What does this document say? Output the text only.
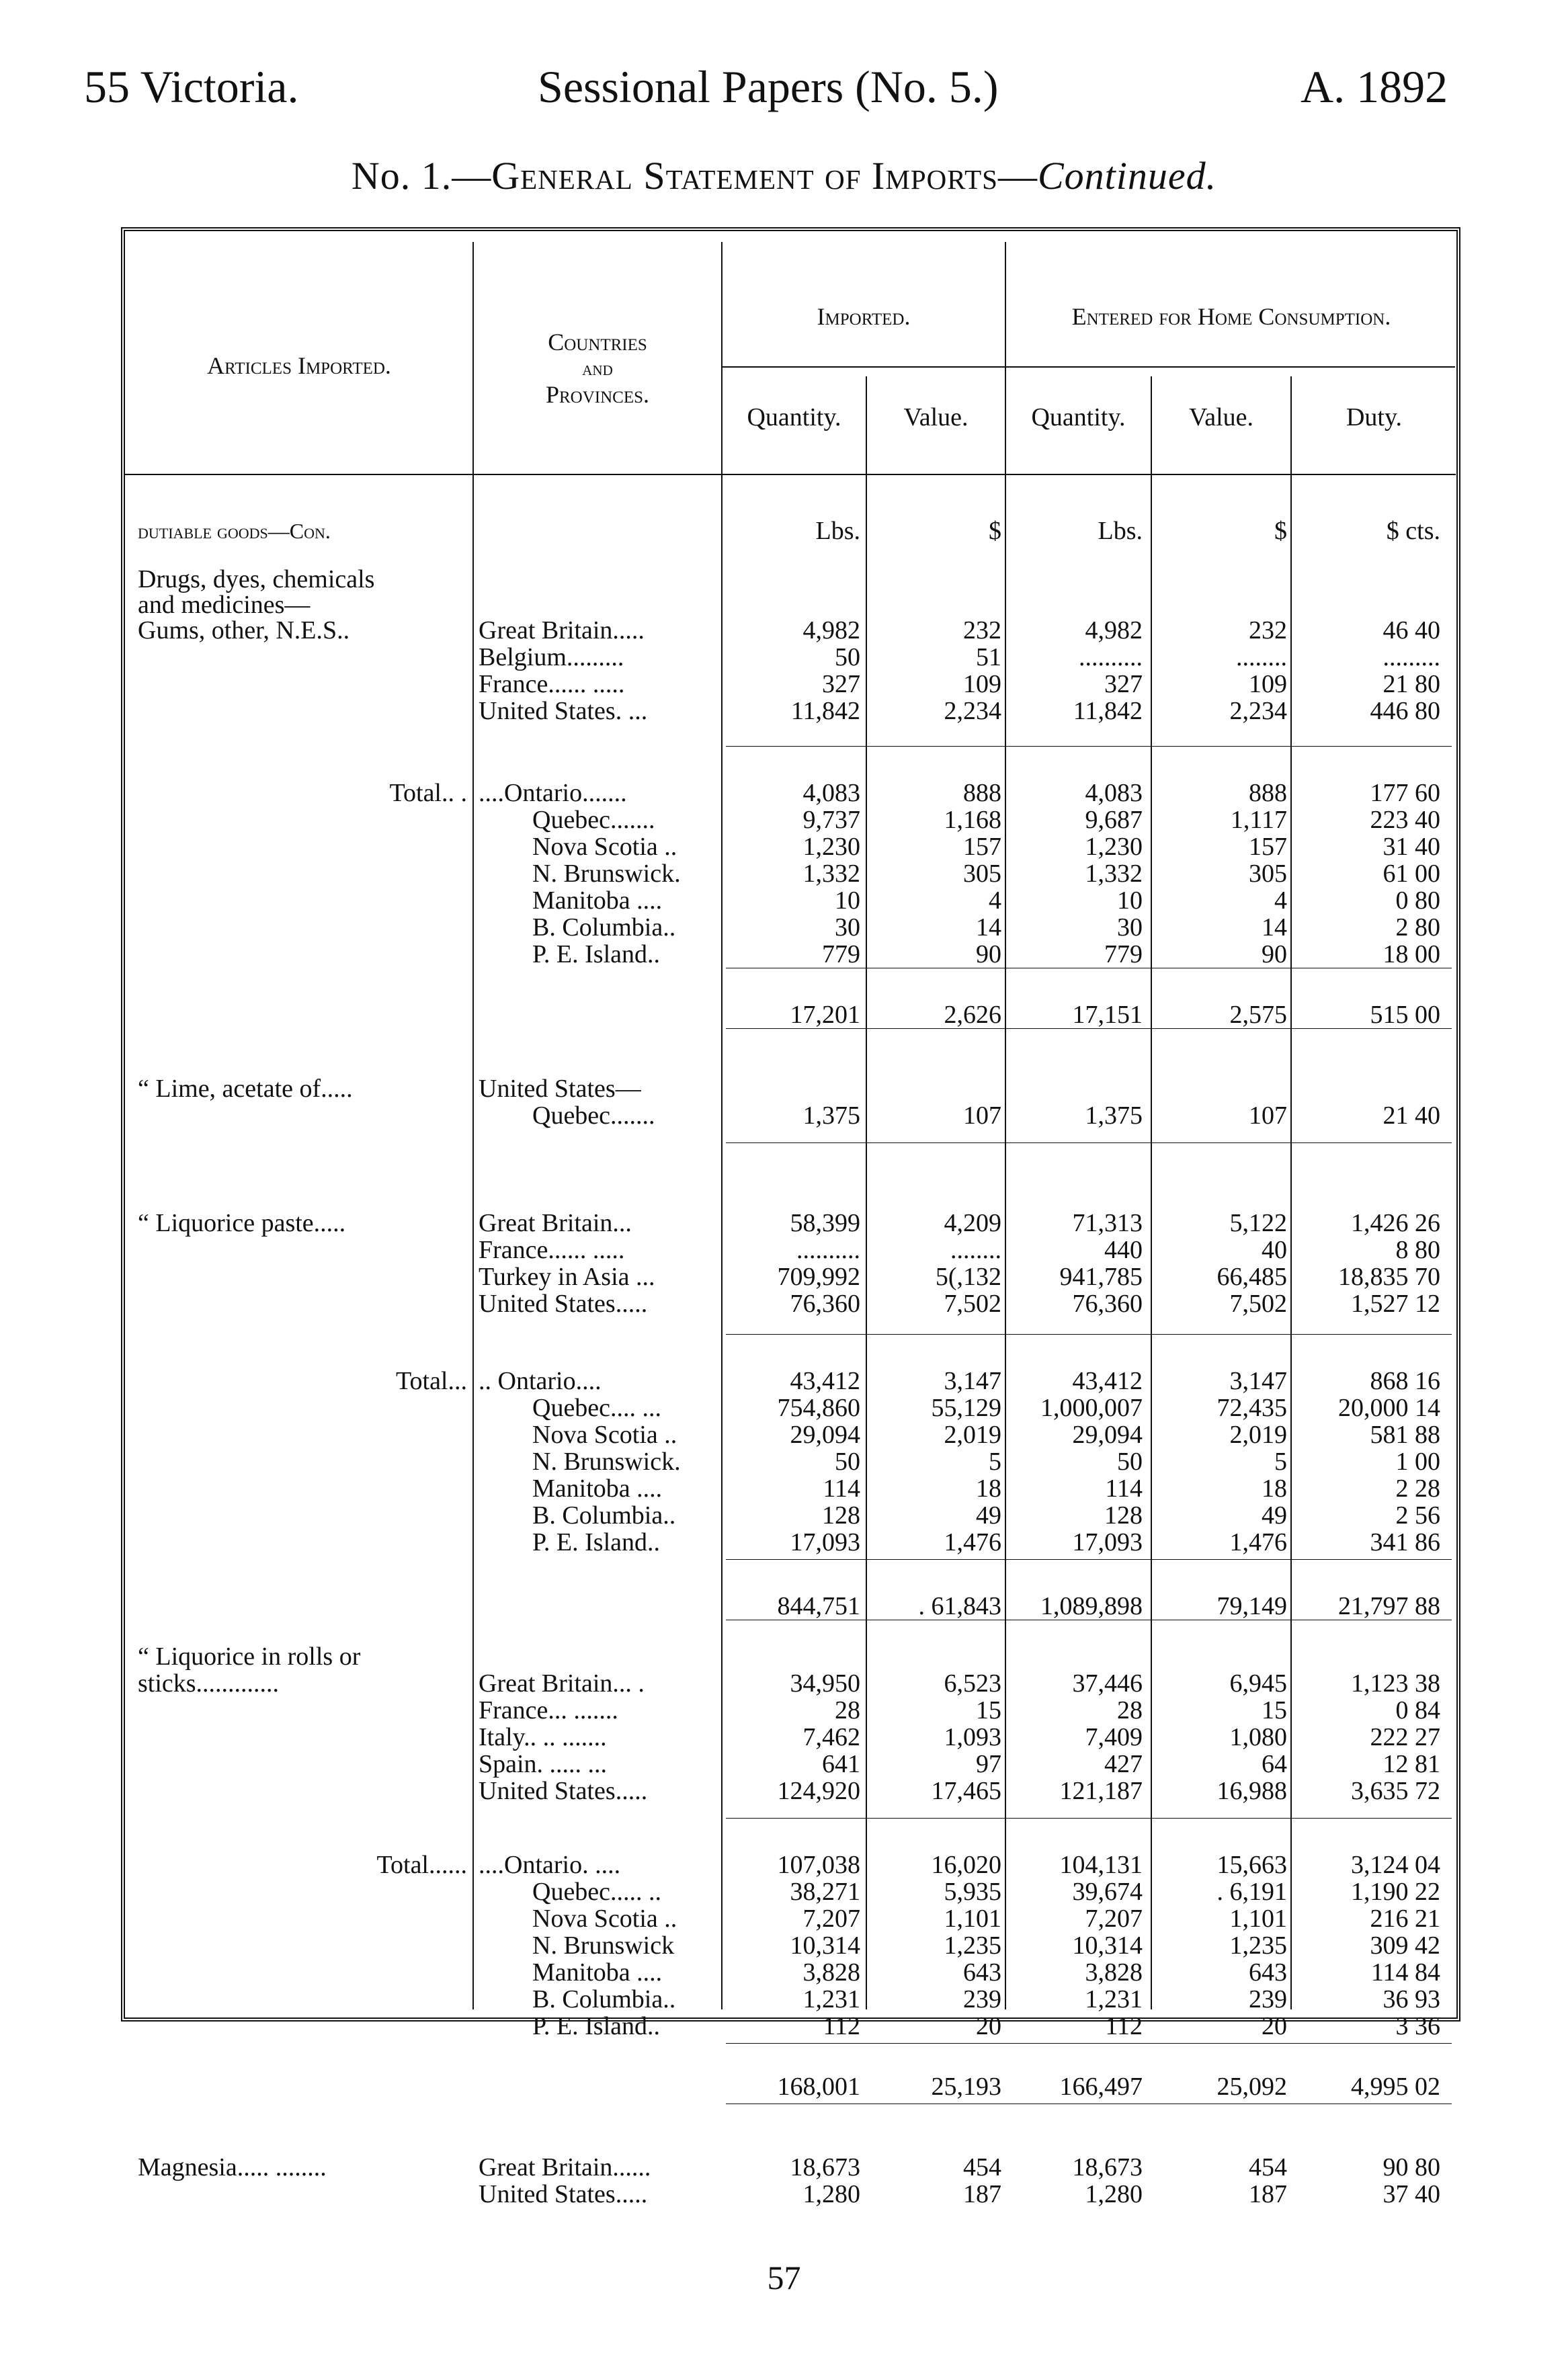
55 Victoria.	Sessional Papers (No. 5.)	A. 1892
No. 1.—General Statement of Imports—Continued.
Articles Imported.
Countries
and
Provinces.
Imported.	Entered for Home Consumption.
Quantity.	Value.	Quantity.	Value.	Duty.
dutiable goods—Con.	Lbs.	$	Lbs.	$	$ cts.
Drugs, dyes, chemicals
and medicines—
Gums, other, N.E.S..	Great Britain.....	4,982	232	4,982	232	46 40
Belgium.........	50	51	..........	........	.........
France...... .....	327	109	327	109	21 80
United States. ...	11,842	2,234	11,842	2,234	446 80
Total.. . ....Ontario.......	4,083	888	4,083	888	177 60
Quebec.......	9,737	1,168	9,687	1,117	223 40
Nova Scotia ..	1,230	157	1,230	157	31 40
N. Brunswick.	1,332	305	1,332	305	61 00
Manitoba ....	10	4	10	4	0 80
B. Columbia..	30	14	30	14	2 80
P. E. Island..	779	90	779	90	18 00
17,201	2,626	17,151	2,575	515 00
“ Lime, acetate of.....	United States—
Quebec.......	1,375	107	1,375	107	21 40
“ Liquorice paste.....	Great Britain...	58,399	4,209	71,313	5,122	1,426 26
France...... .....	..........	........	440	40	8 80
Turkey in Asia ...	709,992	5(,132	941,785	66,485	18,835 70
United States.....	76,360	7,502	76,360	7,502	1,527 12
Total... .. Ontario....	43,412	3,147	43,412	3,147	868 16
Quebec.... ...	754,860	55,129	1,000,007	72,435	20,000 14
Nova Scotia ..	29,094	2,019	29,094	2,019	581 88
N. Brunswick.	50	5	50	5	1 00
Manitoba ....	114	18	114	18	2 28
B. Columbia..	128	49	128	49	2 56
P. E. Island..	17,093	1,476	17,093	1,476	341 86
844,751	. 61,843	1,089,898	79,149	21,797 88
“ Liquorice in rolls or
sticks.............	Great Britain... .	34,950	6,523	37,446	6,945	1,123 38
France... .......	28	15	28	15	0 84
Italy.. .. .......	7,462	1,093	7,409	1,080	222 27
Spain. ..... ...	641	97	427	64	12 81
United States.....	124,920	17,465	121,187	16,988	3,635 72
Total...... ....Ontario. ....	107,038	16,020	104,131	15,663	3,124 04
Quebec..... ..	38,271	5,935	39,674	. 6,191	1,190 22
Nova Scotia ..	7,207	1,101	7,207	1,101	216 21
N. Brunswick	10,314	1,235	10,314	1,235	309 42
Manitoba ....	3,828	643	3,828	643	114 84
B. Columbia..	1,231	239	1,231	239	36 93
P. E. Island..	112	20	112	20	3 36
168,001	25,193	166,497	25,092	4,995 02
Magnesia..... ........	Great Britain......	18,673	454	18,673	454	90 80
United States.....	1,280	187	1,280	187	37 40
57
